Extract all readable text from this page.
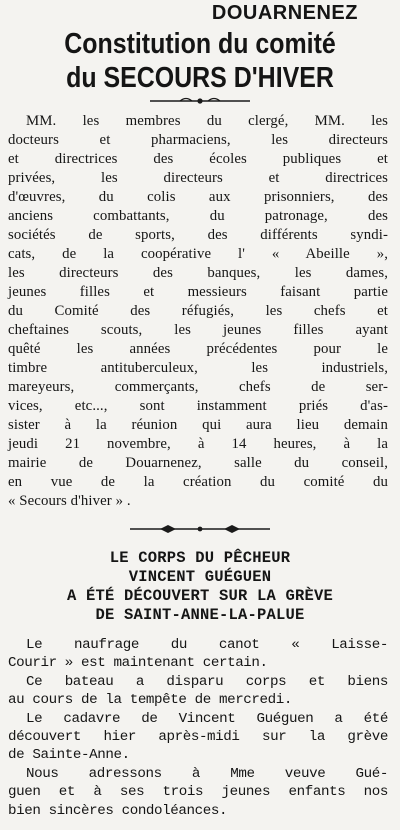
DOUARNENEZ
Constitution du comité
du SECOURS D'HIVER
MM. les membres du clergé, MM. les
docteurs et pharmaciens, les directeurs
et directrices des écoles publiques et
privées, les directeurs et directrices
d'œuvres, du colis aux prisonniers, des
anciens combattants, du patronage, des
sociétés de sports, des différents syndi-
cats, de la coopérative l' « Abeille »,
les directeurs des banques, les dames,
jeunes filles et messieurs faisant partie
du Comité des réfugiés, les chefs et
cheftaines scouts, les jeunes filles ayant
quêté les années précédentes pour le
timbre antituberculeux, les industriels,
mareyeurs, commerçants, chefs de ser-
vices, etc..., sont instamment priés d'as-
sister à la réunion qui aura lieu demain
jeudi 21 novembre, à 14 heures, à la
mairie de Douarnenez, salle du conseil,
en vue de la création du comité du
« Secours d'hiver » .
LE CORPS DU PÊCHEUR
VINCENT GUÉGUEN
A ÉTÉ DÉCOUVERT SUR LA GRÈVE
DE SAINT-ANNE-LA-PALUE
Le naufrage du canot « Laisse-
Courir » est maintenant certain.
Ce bateau a disparu corps et biens
au cours de la tempête de mercredi.
Le cadavre de Vincent Guéguen a été
découvert hier après-midi sur la grève
de Sainte-Anne.
Nous adressons à Mme veuve Gué-
guen et à ses trois jeunes enfants nos
bien sincères condoléances.
